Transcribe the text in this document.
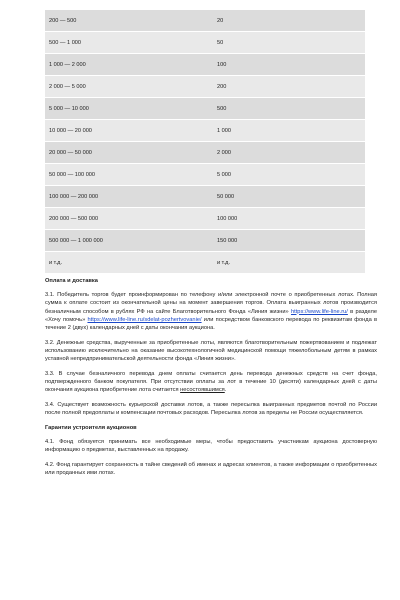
200 — 500	20
500 — 1 000	50
1 000 — 2 000	100
2 000 — 5 000	200
5 000 — 10 000	500
10 000 — 20 000	1 000
20 000 — 50 000	2 000
50 000 — 100 000	5 000
100 000 — 200 000	50 000
200 000 — 500 000	100 000
500 000 — 1 000 000	150 000
и т.д.	и т.д.
Оплата и доставка
3.1. Победитель торгов будет проинформирован по телефону и/или электронной почте о приобретенных лотах. Полная сумма к оплате состоит из окончательной цены на момент завершения торгов. Оплата выигранных лотов производится безналичным способом в рублях РФ на сайте Благотворительного Фонда «Линия жизни» https://www.life-line.ru/ в разделе «Хочу помочь» https://www.life-line.ru/sdelat-pozhertvovanie/ или посредством банковского перевода по реквизитам фонда в течение 2 (двух) календарных дней с даты окончания аукциона.
3.2. Денежные средства, вырученные за приобретенные лоты, являются благотворительным пожертвованием и подлежат использованию исключительно на оказание высокотехнологичной медицинской помощи тяжелобольным детям в рамках уставной непредпринимательской деятельности фонда «Линия жизни».
3.3. В случае безналичного перевода днем оплаты считается день перевода денежных средств на счет фонда, подтвержденного банком покупателя. При отсутствии оплаты за лот в течение 10 (десяти) календарных дней с даты окончания аукциона приобретение лота считается несостоявшимся.
3.4. Существует возможность курьерской доставки лотов, а также пересылка выигранных предметов почтой по России после полной предоплаты и компенсации почтовых расходов. Пересылка лотов за пределы не России осуществляется.
Гарантии устроителя аукционов
4.1. Фонд обязуется принимать все необходимые меры, чтобы предоставить участникам аукциона достоверную информацию о предметах, выставленных на продажу.
4.2. Фонд гарантирует сохранность в тайне сведений об именах и адресах клиентов, а также информации о приобретенных или проданных ими лотах.
